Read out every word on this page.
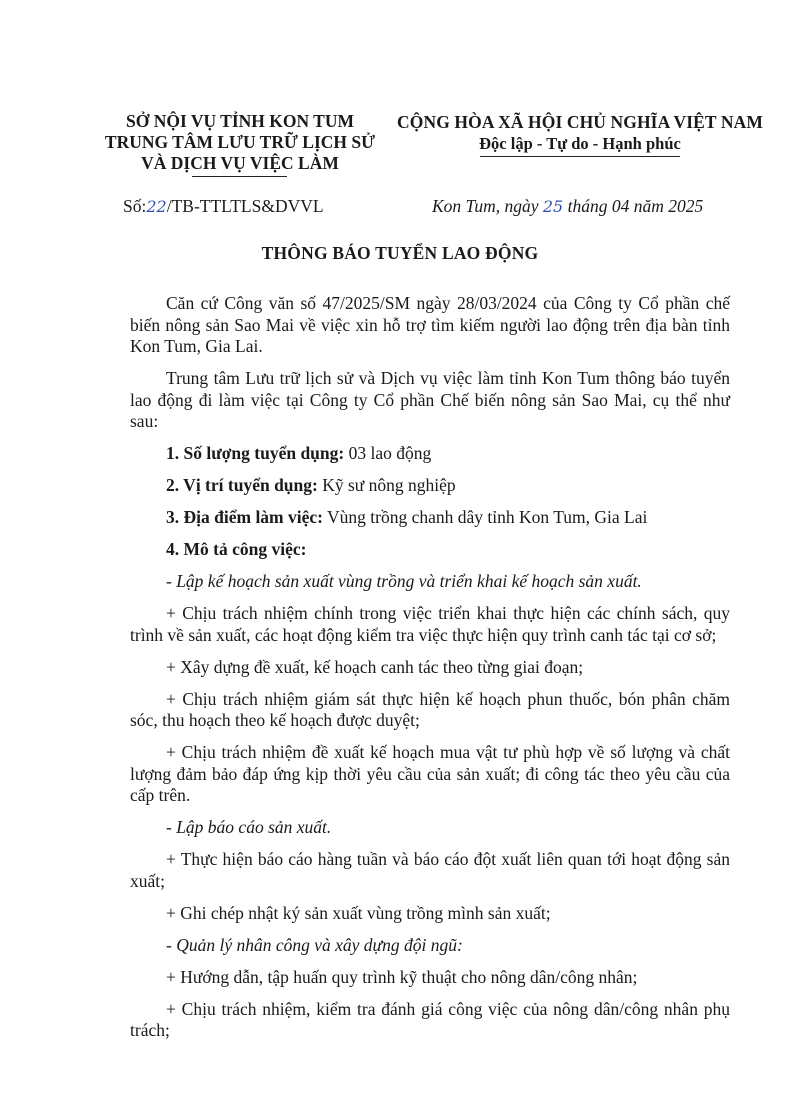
SỞ NỘI VỤ TỈNH KON TUM
TRUNG TÂM LƯU TRỮ LỊCH SỬ
VÀ DỊCH VỤ VIỆC LÀM
CỘNG HÒA XÃ HỘI CHỦ NGHĨA VIỆT NAM
Độc lập - Tự do - Hạnh phúc
Số:22/TB-TTLTLS&DVVL	Kon Tum, ngày 25 tháng 04 năm 2025
THÔNG BÁO TUYỂN LAO ĐỘNG

Căn cứ Công văn số 47/2025/SM ngày 28/03/2024 của Công ty Cổ phần chế biến nông sản Sao Mai về việc xin hỗ trợ tìm kiếm người lao động trên địa bàn tỉnh Kon Tum, Gia Lai.

Trung tâm Lưu trữ lịch sử và Dịch vụ việc làm tỉnh Kon Tum thông báo tuyển lao động đi làm việc tại Công ty Cổ phần Chế biến nông sản Sao Mai, cụ thể như sau:

1. Số lượng tuyển dụng: 03 lao động

2. Vị trí tuyển dụng: Kỹ sư nông nghiệp

3. Địa điểm làm việc: Vùng trồng chanh dây tỉnh Kon Tum, Gia Lai

4. Mô tả công việc:

- Lập kế hoạch sản xuất vùng trồng và triển khai kế hoạch sản xuất.

+ Chịu trách nhiệm chính trong việc triển khai thực hiện các chính sách, quy trình về sản xuất, các hoạt động kiểm tra việc thực hiện quy trình canh tác tại cơ sở;

+ Xây dựng đề xuất, kế hoạch canh tác theo từng giai đoạn;

+ Chịu trách nhiệm giám sát thực hiện kế hoạch phun thuốc, bón phân chăm sóc, thu hoạch theo kế hoạch được duyệt;

+ Chịu trách nhiệm đề xuất kế hoạch mua vật tư phù hợp về số lượng và chất lượng đảm bảo đáp ứng kịp thời yêu cầu của sản xuất; đi công tác theo yêu cầu của cấp trên.

- Lập báo cáo sản xuất.

+ Thực hiện báo cáo hàng tuần và báo cáo đột xuất liên quan tới hoạt động sản xuất;

+ Ghi chép nhật ký sản xuất vùng trồng mình sản xuất;

- Quản lý nhân công và xây dựng đội ngũ:

+ Hướng dẫn, tập huấn quy trình kỹ thuật cho nông dân/công nhân;

+ Chịu trách nhiệm, kiểm tra đánh giá công việc của nông dân/công nhân phụ trách;
